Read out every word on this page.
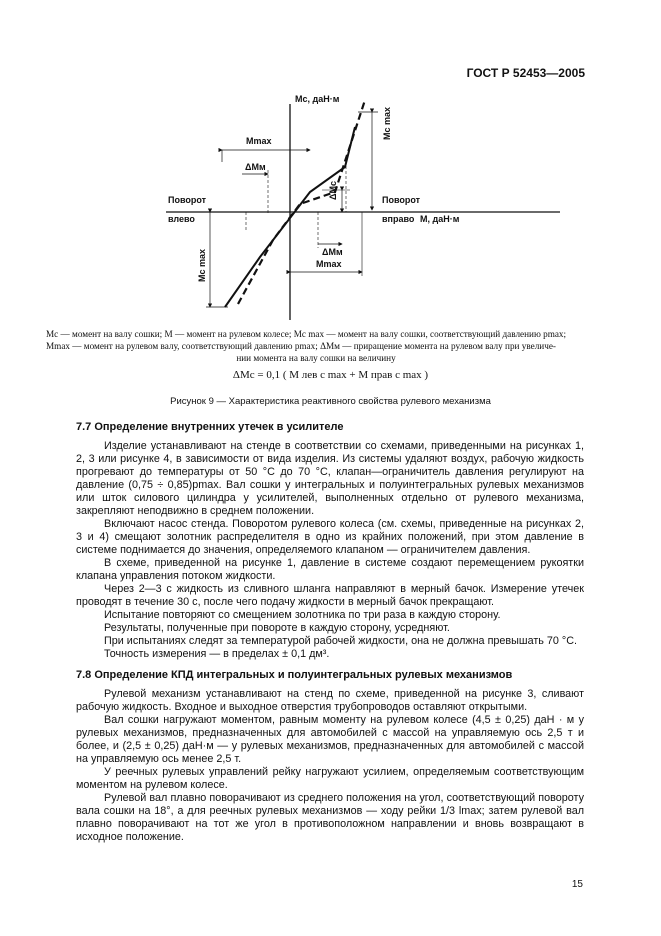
ГОСТ Р 52453—2005
Mс, даН·м
Mc max
Mmax
ΔMм
ΔMс
Поворот
влево
Поворот
вправо M, даН·м
Mc max	ΔMм
Mmax
Mс — момент на валу сошки; M — момент на рулевом колесе; Mс max — момент на валу сошки, соответствующий давлению pmax;
Mmax — момент на рулевом валу, соответствующий давлению pmax; ΔMм — приращение момента на рулевом валу при увеличе-
нии момента на валу сошки на величину
ΔMс = 0,1 ( M лев с max + M прав с max )
Рисунок 9 — Характеристика реактивного свойства рулевого механизма
7.7 Определение внутренних утечек в усилителе

Изделие устанавливают на стенде в соответствии со схемами, приведенными на рисунках 1, 2, 3 или рисунке 4, в зависимости от вида изделия. Из системы удаляют воздух, рабочую жидкость прогревают до температуры от 50 °С до 70 °С, клапан—ограничитель давления регулируют на давление (0,75 ÷ 0,85)pmax. Вал сошки у интегральных и полуинтегральных рулевых механизмов или шток силового цилиндра у усилителей, выполненных отдельно от рулевого механизма, закрепляют неподвижно в среднем положении.

Включают насос стенда. Поворотом рулевого колеса (см. схемы, приведенные на рисунках 2, 3 и 4) смещают золотник распределителя в одно из крайних положений, при этом давление в системе поднимается до значения, определяемого клапаном — ограничителем давления.

В схеме, приведенной на рисунке 1, давление в системе создают перемещением рукоятки клапана управления потоком жидкости.

Через 2—3 с жидкость из сливного шланга направляют в мерный бачок. Измерение утечек проводят в течение 30 с, после чего подачу жидкости в мерный бачок прекращают.

Испытание повторяют со смещением золотника по три раза в каждую сторону.

Результаты, полученные при повороте в каждую сторону, усредняют.

При испытаниях следят за температурой рабочей жидкости, она не должна превышать 70 °С.

Точность измерения — в пределах ± 0,1 дм³.

7.8 Определение КПД интегральных и полуинтегральных рулевых механизмов

Рулевой механизм устанавливают на стенд по схеме, приведенной на рисунке 3, сливают рабочую жидкость. Входное и выходное отверстия трубопроводов оставляют открытыми.

Вал сошки нагружают моментом, равным моменту на рулевом колесе (4,5 ± 0,25) даН · м у рулевых механизмов, предназначенных для автомобилей с массой на управляемую ось 2,5 т и более, и (2,5 ± 0,25) даН·м — у рулевых механизмов, предназначенных для автомобилей с массой на управляемую ось менее 2,5 т.

У реечных рулевых управлений рейку нагружают усилием, определяемым соответствующим моментом на рулевом колесе.

Рулевой вал плавно поворачивают из среднего положения на угол, соответствующий повороту вала сошки на 18°, а для реечных рулевых механизмов — ходу рейки 1/3 lmax; затем рулевой вал плавно поворачивают на тот же угол в противоположном направлении и вновь возвращают в исходное положение.

15
